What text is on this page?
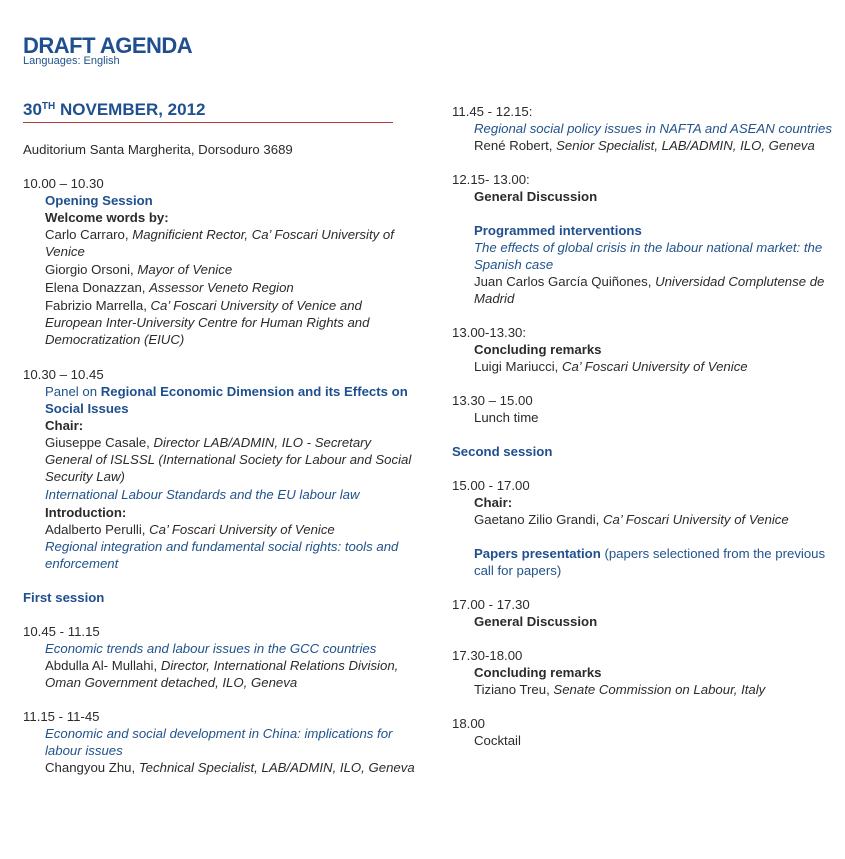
DRAFT AGENDA
Languages: English
30TH NOVEMBER, 2012
Auditorium Santa Margherita, Dorsoduro 3689
10.00 – 10.30
Opening Session
Welcome words by:
Carlo Carraro, Magnificient Rector, Ca’ Foscari University of Venice
Giorgio Orsoni, Mayor of Venice
Elena Donazzan, Assessor Veneto Region
Fabrizio Marrella, Ca’ Foscari University of Venice and European Inter-University Centre for Human Rights and Democratization (EIUC)
10.30 – 10.45
Panel on Regional Economic Dimension and its Effects on Social Issues
Chair:
Giuseppe Casale, Director LAB/ADMIN, ILO - Secretary General of ISLSSL (International Society for Labour and Social Security Law)
International Labour Standards and the EU labour law
Introduction:
Adalberto Perulli, Ca’ Foscari University of Venice
Regional integration and fundamental social rights: tools and enforcement
First session
10.45 - 11.15
Economic trends and labour issues in the GCC countries
Abdulla Al- Mullahi, Director, International Relations Division, Oman Government detached, ILO, Geneva
11.15 - 11-45
Economic and social development in China: implications for labour issues
Changyou Zhu, Technical Specialist, LAB/ADMIN, ILO, Geneva
11.45 - 12.15:
Regional social policy issues in NAFTA and ASEAN countries
René Robert, Senior Specialist, LAB/ADMIN, ILO, Geneva
12.15- 13.00:
General Discussion
Programmed interventions
The effects of global crisis in the labour national market: the Spanish case
Juan Carlos García Quiñones, Universidad Complutense de Madrid
13.00-13.30:
Concluding remarks
Luigi Mariucci, Ca’ Foscari University of Venice
13.30 – 15.00
Lunch time
Second session
15.00 - 17.00
Chair:
Gaetano Zilio Grandi, Ca’ Foscari University of Venice
Papers presentation (papers selectioned from the previous call for papers)
17.00 - 17.30
General Discussion
17.30-18.00
Concluding remarks
Tiziano Treu, Senate Commission on Labour, Italy
18.00
Cocktail
